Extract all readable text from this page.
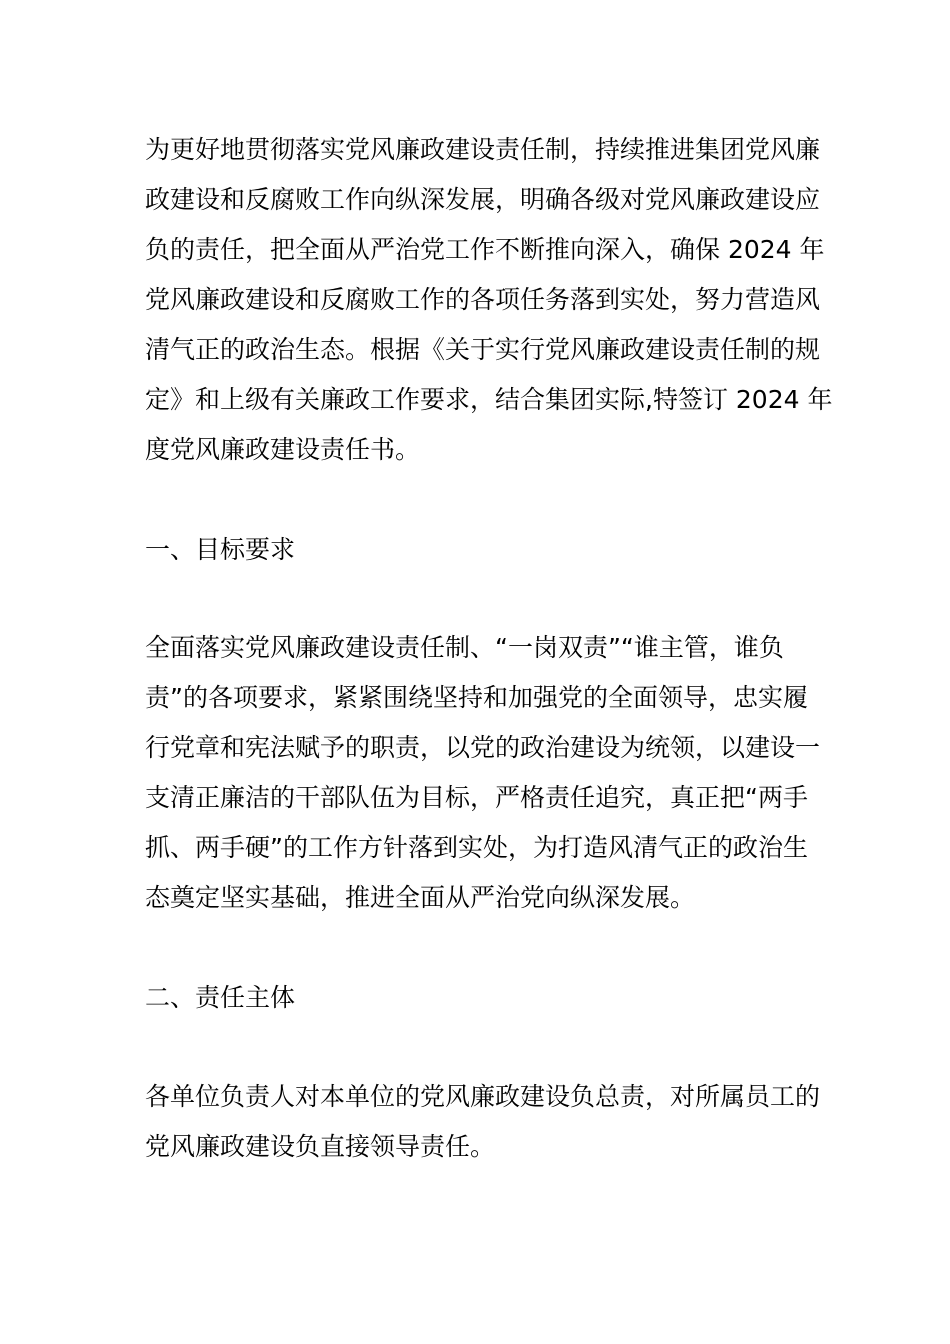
为更好地贯彻落实党风廉政建设责任制，持续推进集团党风廉
政建设和反腐败工作向纵深发展，明确各级对党风廉政建设应
负的责任，把全面从严治党工作不断推向深入，确保 2024 年
党风廉政建设和反腐败工作的各项任务落到实处，努力营造风
清气正的政治生态。根据《关于实行党风廉政建设责任制的规
定》和上级有关廉政工作要求，结合集团实际,特签订 2024 年
度党风廉政建设责任书。
一、目标要求
全面落实党风廉政建设责任制、“一岗双责”“谁主管，谁负
责”的各项要求，紧紧围绕坚持和加强党的全面领导，忠实履
行党章和宪法赋予的职责，以党的政治建设为统领，以建设一
支清正廉洁的干部队伍为目标，严格责任追究，真正把“两手
抓、两手硬”的工作方针落到实处，为打造风清气正的政治生
态奠定坚实基础，推进全面从严治党向纵深发展。
二、责任主体
各单位负责人对本单位的党风廉政建设负总责，对所属员工的
党风廉政建设负直接领导责任。
